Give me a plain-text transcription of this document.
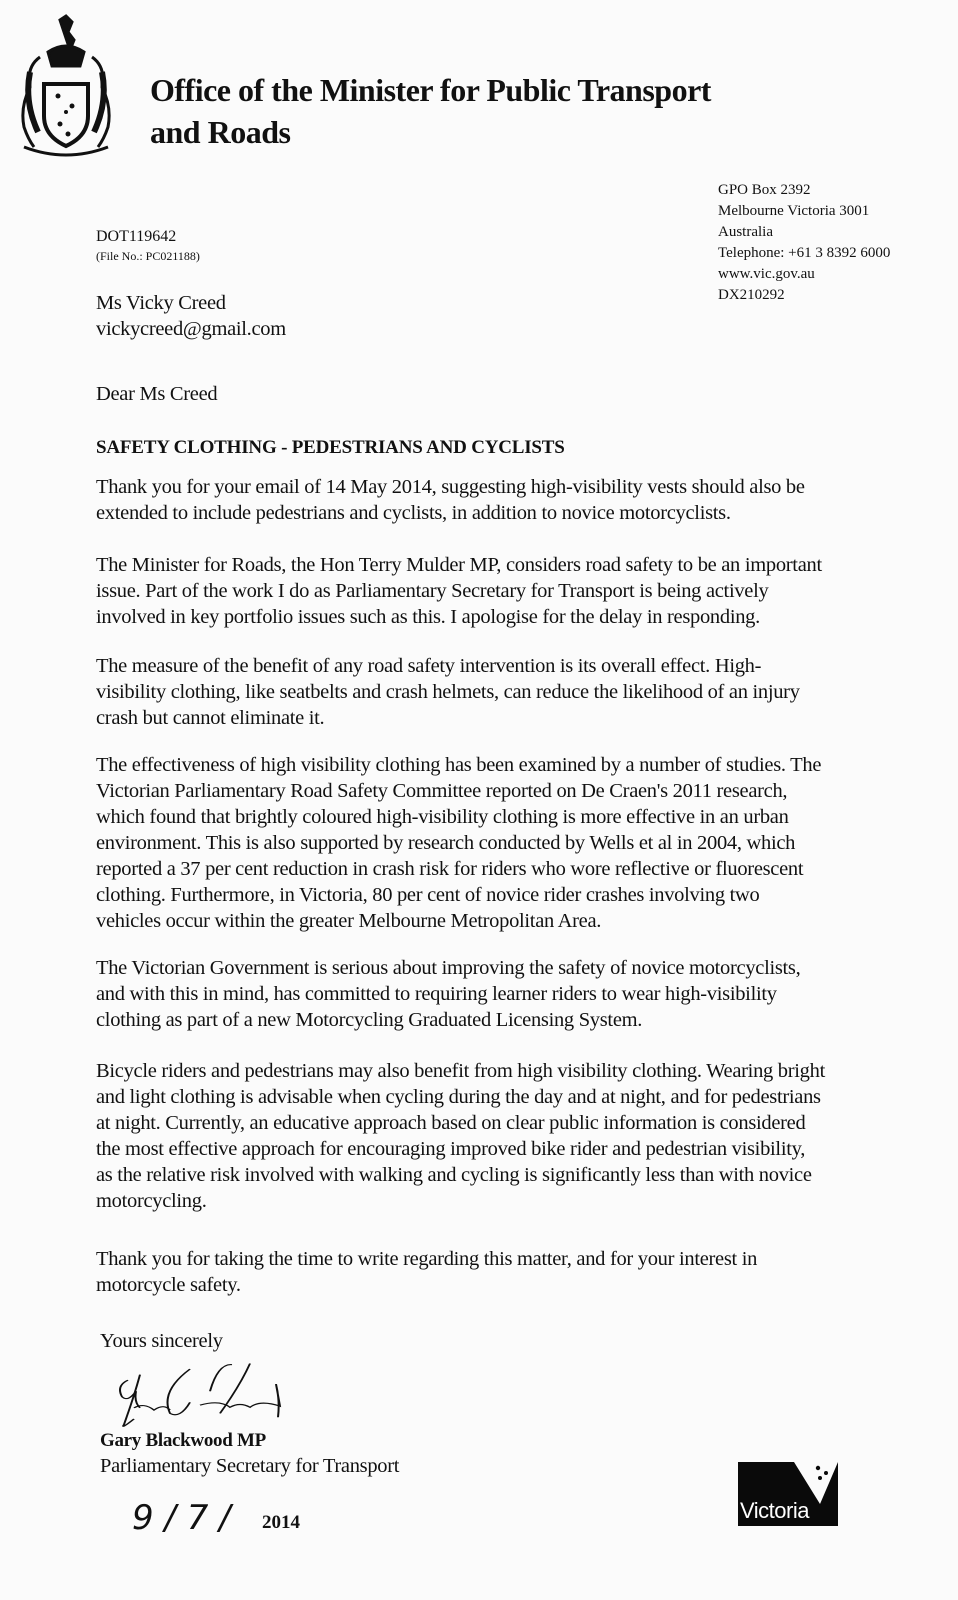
Office of the Minister for Public Transport
and Roads
GPO Box 2392
Melbourne Victoria 3001
Australia
Telephone: +61 3 8392 6000
www.vic.gov.au
DX210292
DOT119642
(File No.: PC021188)
Ms Vicky Creed
vickycreed@gmail.com
Dear Ms Creed
SAFETY CLOTHING - PEDESTRIANS AND CYCLISTS
Thank you for your email of 14 May 2014, suggesting high-visibility vests should also be
extended to include pedestrians and cyclists, in addition to novice motorcyclists.
The Minister for Roads, the Hon Terry Mulder MP, considers road safety to be an important
issue. Part of the work I do as Parliamentary Secretary for Transport is being actively
involved in key portfolio issues such as this. I apologise for the delay in responding.
The measure of the benefit of any road safety intervention is its overall effect. High-
visibility clothing, like seatbelts and crash helmets, can reduce the likelihood of an injury
crash but cannot eliminate it.
The effectiveness of high visibility clothing has been examined by a number of studies. The
Victorian Parliamentary Road Safety Committee reported on De Craen's 2011 research,
which found that brightly coloured high-visibility clothing is more effective in an urban
environment. This is also supported by research conducted by Wells et al in 2004, which
reported a 37 per cent reduction in crash risk for riders who wore reflective or fluorescent
clothing. Furthermore, in Victoria, 80 per cent of novice rider crashes involving two
vehicles occur within the greater Melbourne Metropolitan Area.
The Victorian Government is serious about improving the safety of novice motorcyclists,
and with this in mind, has committed to requiring learner riders to wear high-visibility
clothing as part of a new Motorcycling Graduated Licensing System.
Bicycle riders and pedestrians may also benefit from high visibility clothing. Wearing bright
and light clothing is advisable when cycling during the day and at night, and for pedestrians
at night. Currently, an educative approach based on clear public information is considered
the most effective approach for encouraging improved bike rider and pedestrian visibility,
as the relative risk involved with walking and cycling is significantly less than with novice
motorcycling.
Thank you for taking the time to write regarding this matter, and for your interest in
motorcycle safety.
Yours sincerely
Gary Blackwood MP
Parliamentary Secretary for Transport
9 / 7 / 2014	Victoria
